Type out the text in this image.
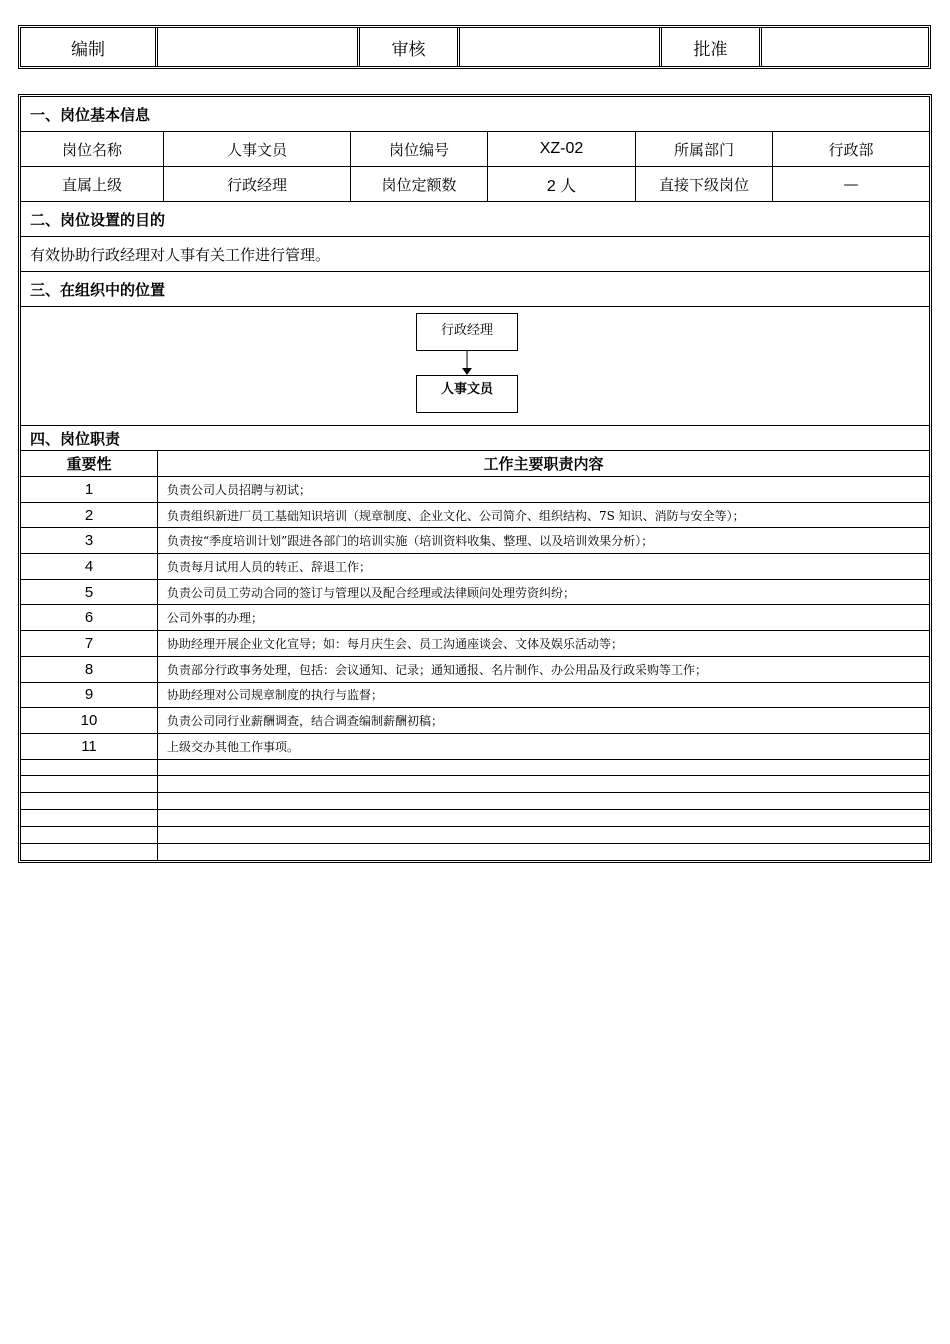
编制	审核	批准
一、岗位基本信息
岗位名称	人事文员	岗位编号	XZ-02	所属部门	行政部
直属上级	行政经理	岗位定额数	2 人	直接下级岗位	—
二、岗位设置的目的
有效协助行政经理对人事有关工作进行管理。
三、在组织中的位置
行政经理
人事文员
四、岗位职责
重要性	工作主要职责内容
1	负责公司人员招聘与初试；
2	负责组织新进厂员工基础知识培训（规章制度、企业文化、公司简介、组织结构、7S 知识、消防与安全等）；
3	负责按“季度培训计划”跟进各部门的培训实施（培训资料收集、整理、以及培训效果分析）；
4	负责每月试用人员的转正、辞退工作；
5	负责公司员工劳动合同的签订与管理以及配合经理或法律顾问处理劳资纠纷；
6	公司外事的办理；
7	协助经理开展企业文化宣导；如：每月庆生会、员工沟通座谈会、文体及娱乐活动等；
8	负责部分行政事务处理，包括：会议通知、记录；通知通报、名片制作、办公用品及行政采购等工作；
9	协助经理对公司规章制度的执行与监督；
10	负责公司同行业薪酬调查，结合调查编制薪酬初稿；
11	上级交办其他工作事项。
